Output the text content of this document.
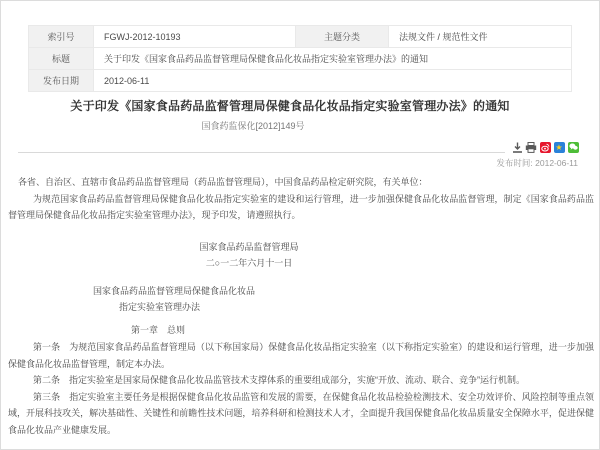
索引号	FGWJ-2012-10193	主题分类	法规文件 / 规范性文件
标题	关于印发《国家食品药品监督管理局保健食品化妆品指定实验室管理办法》的通知		
发布日期	2012-06-11		
关于印发《国家食品药品监督管理局保健食品化妆品指定实验室管理办法》的通知
国食药监保化[2012]149号
★
发布时间: 2012-06-11

各省、自治区、直辖市食品药品监督管理局（药品监督管理局），中国食品药品检定研究院，有关单位：

为规范国家食品药品监督管理局保健食品化妆品指定实验室的建设和运行管理，进一步加强保健食品化妆品监督管理，制定《国家食品药品监督管理局保健食品化妆品指定实验室管理办法》，现予印发，请遵照执行。

国家食品药品监督管理局
二○一二年六月十一日
国家食品药品监督管理局保健食品化妆品
指定实验室管理办法
第一章　总则

第一条　为规范国家食品药品监督管理局（以下称国家局）保健食品化妆品指定实验室（以下称指定实验室）的建设和运行管理，进一步加强保健食品化妆品监督管理，制定本办法。

第二条　指定实验室是国家局保健食品化妆品监管技术支撑体系的重要组成部分，实施“开放、流动、联合、竞争”运行机制。

第三条　指定实验室主要任务是根据保健食品化妆品监管和发展的需要，在保健食品化妆品检验检测技术、安全功效评价、风险控制等重点领域，开展科技攻关，解决基础性、关键性和前瞻性技术问题，培养科研和检测技术人才，全面提升我国保健食品化妆品质量安全保障水平，促进保健食品化妆品产业健康发展。
